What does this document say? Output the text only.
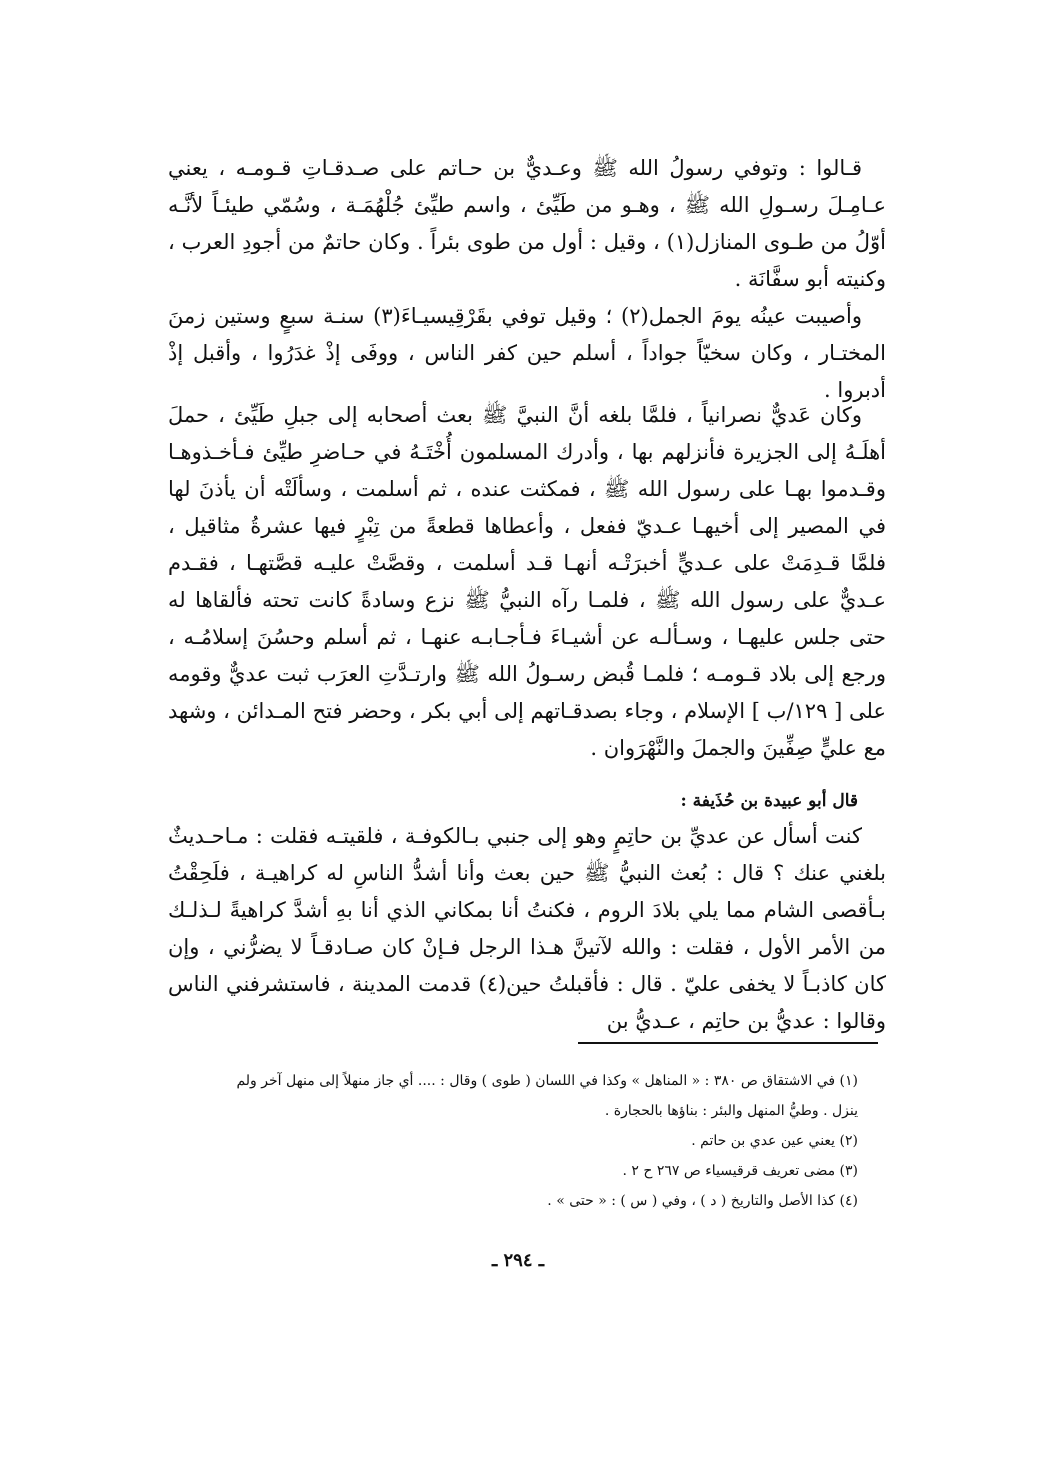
قـالوا : وتوفي رسولُ الله ﷺ وعـديٌّ بن حـاتم على صـدقـاتِ قـومـه ، يعني عـامِـلَ رسـولِ الله ﷺ ، وهـو من طَيِّئ ، واسم طيِّئ جُلْهُمَـة ، وسُمّي طيئـاً لأنَّـه أوّلُ من طـوى المنازل(١) ، وقيل : أول من طوى بئراً . وكان حاتمٌ من أجودِ العرب ، وكنيته أبو سفَّانَة .

وأصيبت عينُه يومَ الجمل(٢) ؛ وقيل توفي بقَرْقِيسيـاءَ(٣) سنـة سبعٍ وستين زمنَ المختـار ، وكان سخيّاً جواداً ، أسلم حين كفر الناس ، ووفَى إذْ غدَرُوا ، وأقبل إذْ أدبروا .

وكان عَديٌّ نصرانياً ، فلمَّا بلغه أنَّ النبيَّ ﷺ بعث أصحابه إلى جبلِ طَيِّئ ، حملَ أهلَـهُ إلى الجزيرة فأنزلهم بها ، وأدرك المسلمون أُخْتَـهُ في حـاضرِ طيِّئ فـأخـذوهـا وقـدموا بهـا على رسول الله ﷺ ، فمكثت عنده ، ثم أسلمت ، وسألَتْه أن يأذنَ لها في المصير إلى أخيهـا عـديّ ففعل ، وأعطاها قطعةً من تِبْرٍ فيها عشرةُ مثاقيل ، فلمَّا قـدِمَتْ على عـديٍّ أخبرَتْـه أنهـا قـد أسلمت ، وقصَّتْ عليـه قصَّتهـا ، فقـدم عـديٌّ على رسول الله ﷺ ، فلمـا رآه النبيُّ ﷺ نزع وسادةً كانت تحته فألقاها له حتى جلس عليهـا ، وسـألـه عن أشيـاءَ فـأجـابـه عنهـا ، ثم أسلم وحسُنَ إسلامُـه ، ورجع إلى بلاد قـومـه ؛ فلمـا قُبض رسـولُ الله ﷺ وارتـدَّتِ العرَب ثبت عديٌّ وقومه على [ ١٢٩/ب ] الإسلام ، وجاء بصدقـاتهم إلى أبي بكر ، وحضر فتح المـدائن ، وشهد مع عليٍّ صِفِّينَ والجملَ والنَّهْرَوان .

قال أبو عبيدة بن حُذَيفة :

كنت أسأل عن عديِّ بن حاتِمٍ وهو إلى جنبي بـالكوفـة ، فلقيتـه فقلت : مـاحـديثٌ بلغني عنك ؟ قال : بُعث النبيُّ ﷺ حين بعث وأنا أشدُّ الناسِ له كراهيـة ، فلَحِقْتُ بـأقصى الشام مما يلي بلادَ الروم ، فكنتُ أنا بمكاني الذي أنا بهِ أشدَّ كراهيةً لـذلـك من الأمر الأول ، فقلت : والله لآتينَّ هـذا الرجل فـإنْ كان صـادقـاً لا يضرُّني ، وإن كان كاذبـاً لا يخفى عليّ . قال : فأقبلتُ حين(٤) قدمت المدينة ، فاستشرفني الناس وقالوا : عديُّ بن حاتِم ، عـديُّ بن

(١) في الاشتقاق ص ٣٨٠ : « المناهل » وكذا في اللسان ( طوى ) وقال : .... أي جاز منهلاً إلى منهل آخر ولم

ينزل . وطيُّ المنهل والبئر : بناؤها بالحجارة .

(٢) يعني عين عدي بن حاتم .

(٣) مضى تعريف قرقيسياء ص ٢٦٧ ح ٢ .

(٤) كذا الأصل والتاريخ ( د ) ، وفي ( س ) : « حتى » .

ـ ٢٩٤ ـ
